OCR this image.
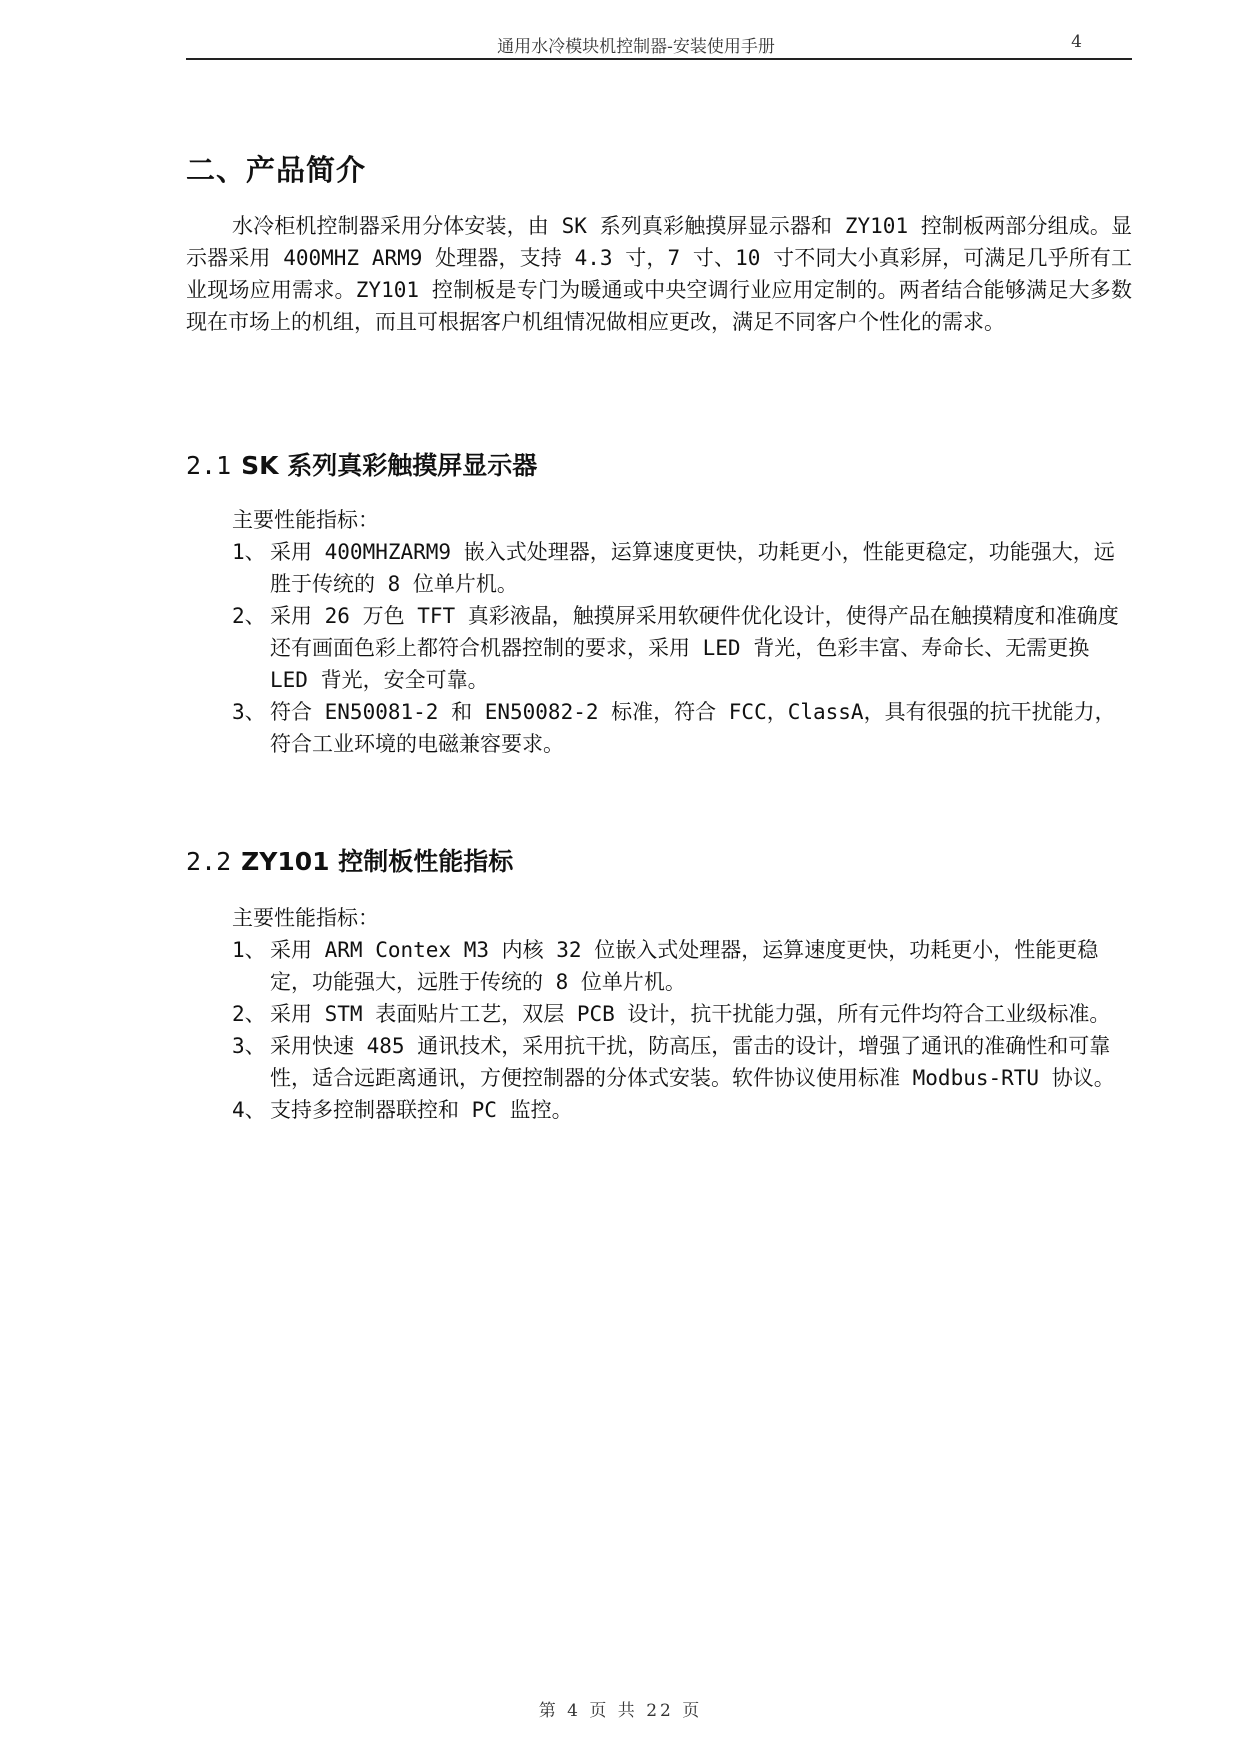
通用水冷模块机控制器-安装使用手册	4
二、产品简介

水冷柜机控制器采用分体安装，由 SK 系列真彩触摸屏显示器和 ZY101 控制板两部分组成。显示器采用 400MHZ ARM9 处理器，支持 4.3 寸，7 寸、10 寸不同大小真彩屏，可满足几乎所有工业现场应用需求。ZY101 控制板是专门为暖通或中央空调行业应用定制的。两者结合能够满足大多数现在市场上的机组，而且可根据客户机组情况做相应更改，满足不同客户个性化的需求。

2.1 SK 系列真彩触摸屏显示器

主要性能指标：

1、 采用 400MHZARM9 嵌入式处理器，运算速度更快，功耗更小，性能更稳定，功能强大，远胜于传统的 8 位单片机。
2、 采用 26 万色 TFT 真彩液晶，触摸屏采用软硬件优化设计，使得产品在触摸精度和准确度还有画面色彩上都符合机器控制的要求，采用 LED 背光，色彩丰富、寿命长、无需更换 LED 背光，安全可靠。
3、 符合 EN50081-2 和 EN50082-2 标准，符合 FCC，ClassA，具有很强的抗干扰能力，符合工业环境的电磁兼容要求。
2.2 ZY101 控制板性能指标

主要性能指标：

1、 采用 ARM Contex M3 内核 32 位嵌入式处理器，运算速度更快，功耗更小，性能更稳定，功能强大，远胜于传统的 8 位单片机。
2、 采用 STM 表面贴片工艺，双层 PCB 设计，抗干扰能力强，所有元件均符合工业级标准。
3、 采用快速 485 通讯技术，采用抗干扰，防高压，雷击的设计，增强了通讯的准确性和可靠性，适合远距离通讯，方便控制器的分体式安装。软件协议使用标准 Modbus-RTU 协议。
4、 支持多控制器联控和 PC 监控。
第 4 页 共 22 页
